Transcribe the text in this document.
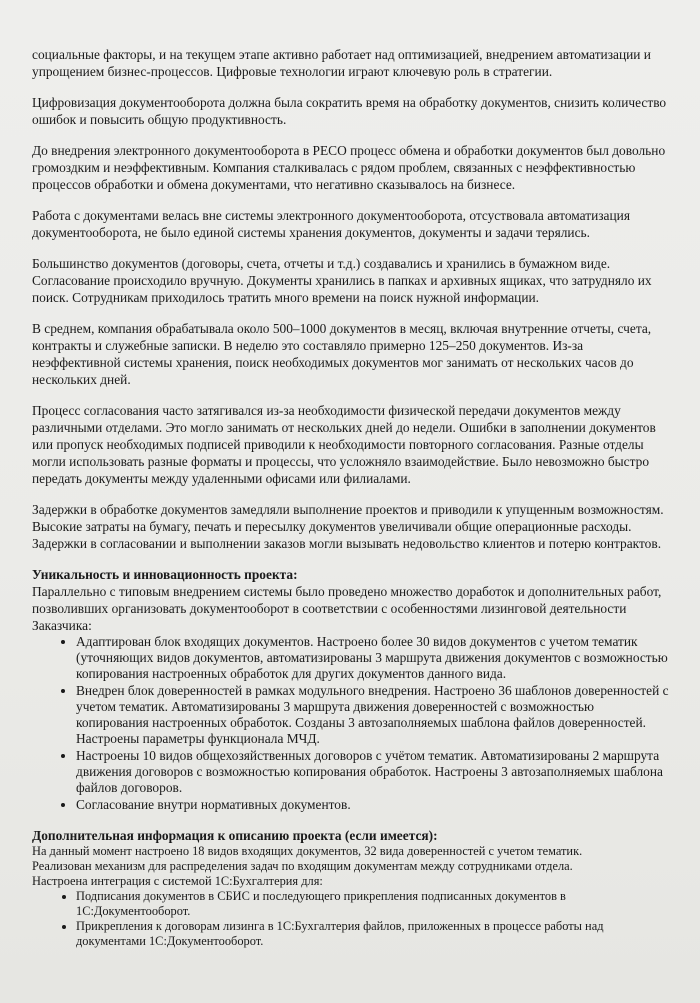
социальные факторы, и на текущем этапе активно работает над оптимизацией, внедрением автоматизации и упрощением бизнес-процессов. Цифровые технологии играют ключевую роль в стратегии.

Цифровизация документооборота должна была сократить время на обработку документов, снизить количество ошибок и повысить общую продуктивность.

До внедрения электронного документооборота в РЕСО процесс обмена и обработки документов был довольно громоздким и неэффективным. Компания сталкивалась с рядом проблем, связанных с неэффективностью процессов обработки и обмена документами, что негативно сказывалось на бизнесе.

Работа с документами велась вне системы электронного документооборота, отсуствовала автоматизация документооборота, не было единой системы хранения документов, документы и задачи терялись.

Большинство документов (договоры, счета, отчеты и т.д.) создавались и хранились в бумажном виде. Согласование происходило вручную. Документы хранились в папках и архивных ящиках, что затрудняло их поиск. Сотрудникам приходилось тратить много времени на поиск нужной информации.

В среднем, компания обрабатывала около 500–1000 документов в месяц, включая внутренние отчеты, счета, контракты и служебные записки. В неделю это составляло примерно 125–250 документов. Из-за неэффективной системы хранения, поиск необходимых документов мог занимать от нескольких часов до нескольких дней.

Процесс согласования часто затягивался из-за необходимости физической передачи документов между различными отделами. Это могло занимать от нескольких дней до недели. Ошибки в заполнении документов или пропуск необходимых подписей приводили к необходимости повторного согласования. Разные отделы могли использовать разные форматы и процессы, что усложняло взаимодействие. Было невозможно быстро передать документы между удаленными офисами или филиалами.

Задержки в обработке документов замедляли выполнение проектов и приводили к упущенным возможностям. Высокие затраты на бумагу, печать и пересылку документов увеличивали общие операционные расходы. Задержки в согласовании и выполнении заказов могли вызывать недовольство клиентов и потерю контрактов.

Уникальность и инновационность проекта:
Параллельно с типовым внедрением системы было проведено множество доработок и дополнительных работ, позволивших организовать документооборот в соответствии с особенностями лизинговой деятельности Заказчика:
• Адаптирован блок входящих документов. Настроено более 30 видов документов с учетом тематик (уточняющих видов документов, автоматизированы 3 маршрута движения документов с возможностью копирования настроенных обработок для других документов данного вида.
• Внедрен блок доверенностей в рамках модульного внедрения. Настроено 36 шаблонов доверенностей с учетом тематик. Автоматизированы 3 маршрута движения доверенностей с возможностью копирования настроенных обработок. Созданы 3 автозаполняемых шаблона файлов доверенностей. Настроены параметры функционала МЧД.
• Настроены 10 видов общехозяйственных договоров с учётом тематик. Автоматизированы 2 маршрута движения договоров с возможностью копирования обработок. Настроены 3 автозаполняемых шаблона файлов договоров.
• Согласование внутри нормативных документов.
Дополнительная информация к описанию проекта (если имеется):

На данный момент настроено 18 видов входящих документов, 32 вида доверенностей с учетом тематик.

Реализован механизм для распределения задач по входящим документам между сотрудниками отдела.

Настроена интеграция с системой 1С:Бухгалтерия для:

• Подписания документов в СБИС и последующего прикрепления подписанных документов в 1С:Документооборот.
• Прикрепления к договорам лизинга в 1С:Бухгалтерия файлов, приложенных в процессе работы над документами 1С:Документооборот.
